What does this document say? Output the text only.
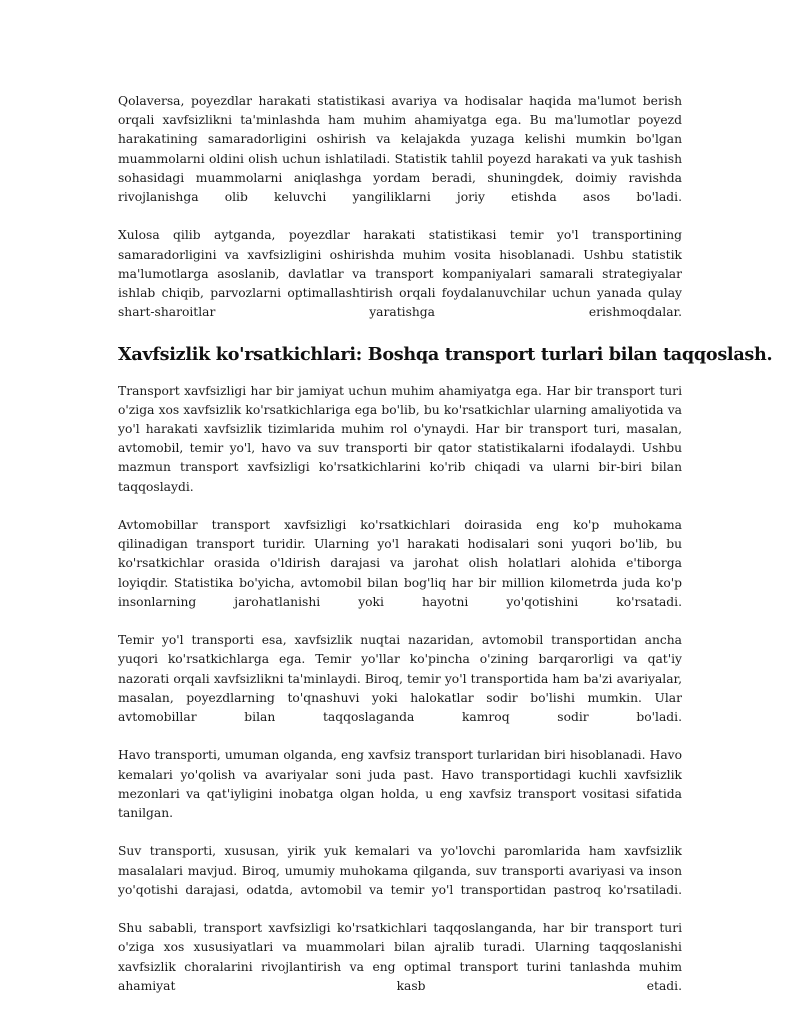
Qolaversa, poyezdlar harakati statistikasi avariya va hodisalar haqida ma'lumot berish orqali xavfsizlikni ta'minlashda ham muhim ahamiyatga ega. Bu ma'lumotlar poyezd harakatining samaradorligini oshirish va kelajakda yuzaga kelishi mumkin bo'lgan muammolarni oldini olish uchun ishlatiladi. Statistik tahlil poyezd harakati va yuk tashish sohasidagi muammolarni aniqlashga yordam beradi, shuningdek, doimiy ravishda rivojlanishga olib keluvchi yangiliklarni joriy etishda asos bo'ladi.

Xulosa qilib aytganda, poyezdlar harakati statistikasi temir yo'l transportining samaradorligini va xavfsizligini oshirishda muhim vosita hisoblanadi. Ushbu statistik ma'lumotlarga asoslanib, davlatlar va transport kompaniyalari samarali strategiyalar ishlab chiqib, parvozlarni optimallashtirish orqali foydalanuvchilar uchun yanada qulay shart-sharoitlar yaratishga erishmoqdalar.

Xavfsizlik ko'rsatkichlari: Boshqa transport turlari bilan taqqoslash.

Transport xavfsizligi har bir jamiyat uchun muhim ahamiyatga ega. Har bir transport turi o'ziga xos xavfsizlik ko'rsatkichlariga ega bo'lib, bu ko'rsatkichlar ularning amaliyotida va yo'l harakati xavfsizlik tizimlarida muhim rol o'ynaydi. Har bir transport turi, masalan, avtomobil, temir yo'l, havo va suv transporti bir qator statistikalarni ifodalaydi. Ushbu mazmun transport xavfsizligi ko'rsatkichlarini ko'rib chiqadi va ularni bir-biri bilan taqqoslaydi.

Avtomobillar transport xavfsizligi ko'rsatkichlari doirasida eng ko'p muhokama qilinadigan transport turidir. Ularning yo'l harakati hodisalari soni yuqori bo'lib, bu ko'rsatkichlar orasida o'ldirish darajasi va jarohat olish holatlari alohida e'tiborga loyiqdir. Statistika bo'yicha, avtomobil bilan bog'liq har bir million kilometrda juda ko'p insonlarning jarohatlanishi yoki hayotni yo'qotishini ko'rsatadi.

Temir yo'l transporti esa, xavfsizlik nuqtai nazaridan, avtomobil transportidan ancha yuqori ko'rsatkichlarga ega. Temir yo'llar ko'pincha o'zining barqarorligi va qat'iy nazorati orqali xavfsizlikni ta'minlaydi. Biroq, temir yo'l transportida ham ba'zi avariyalar, masalan, poyezdlarning to'qnashuvi yoki halokatlar sodir bo'lishi mumkin. Ular avtomobillar bilan taqqoslaganda kamroq sodir bo'ladi.

Havo transporti, umuman olganda, eng xavfsiz transport turlaridan biri hisoblanadi. Havo kemalari yo'qolish va avariyalar soni juda past. Havo transportidagi kuchli xavfsizlik mezonlari va qat'iyligini inobatga olgan holda, u eng xavfsiz transport vositasi sifatida tanilgan.

Suv transporti, xususan, yirik yuk kemalari va yo'lovchi paromlarida ham xavfsizlik masalalari mavjud. Biroq, umumiy muhokama qilganda, suv transporti avariyasi va inson yo'qotishi darajasi, odatda, avtomobil va temir yo'l transportidan pastroq ko'rsatiladi.

Shu sababli, transport xavfsizligi ko'rsatkichlari taqqoslanganda, har bir transport turi o'ziga xos xususiyatlari va muammolari bilan ajralib turadi. Ularning taqqoslanishi xavfsizlik choralarini rivojlantirish va eng optimal transport turini tanlashda muhim ahamiyat kasb etadi.
